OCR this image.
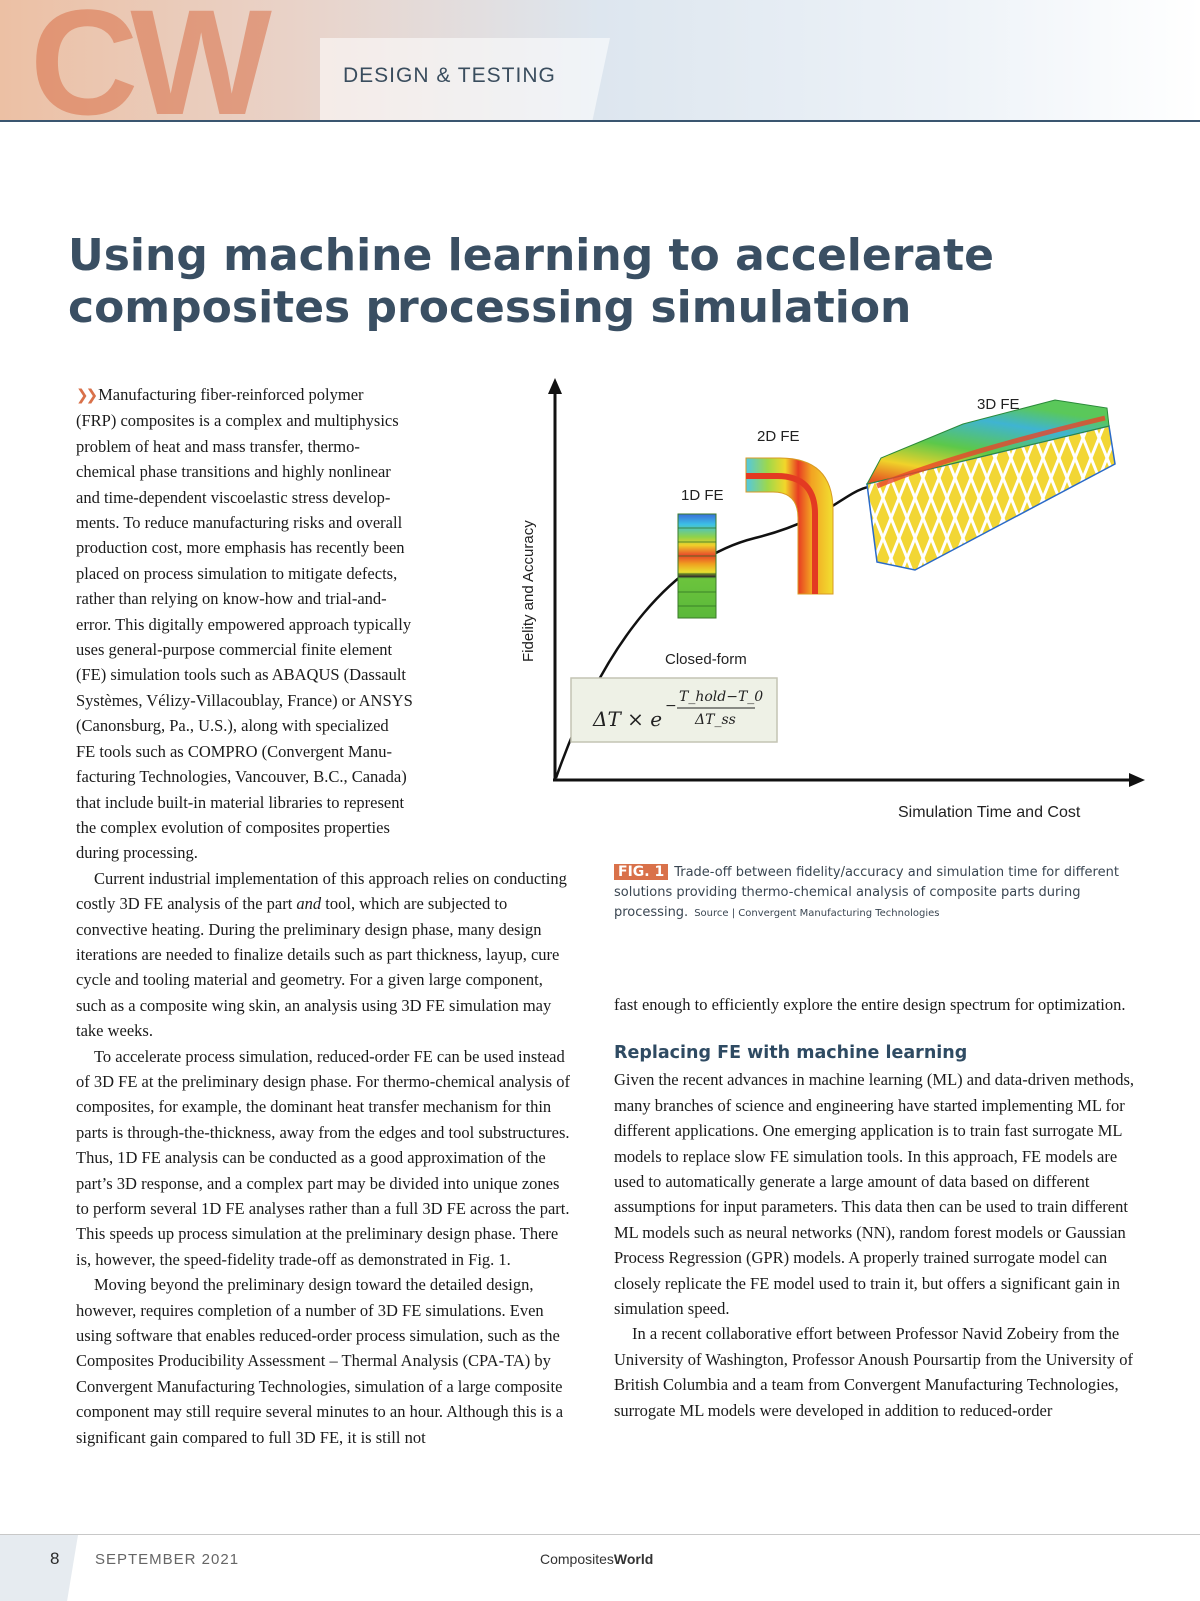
CW	DESIGN & TESTING
Using machine learning to accelerate
composites processing simulation
❯❯ Manufacturing fiber-reinforced polymer
(FRP) composites is a complex and multiphysics
problem of heat and mass transfer, thermo-
chemical phase transitions and highly nonlinear
and time-dependent viscoelastic stress develop-
ments. To reduce manufacturing risks and overall
production cost, more emphasis has recently been
placed on process simulation to mitigate defects,
rather than relying on know-how and trial-and-
error. This digitally empowered approach typically
uses general-purpose commercial finite element
(FE) simulation tools such as ABAQUS (Dassault
Systèmes, Vélizy-Villacoublay, France) or ANSYS
(Canonsburg, Pa., U.S.), along with specialized
FE tools such as COMPRO (Convergent Manu-
facturing Technologies, Vancouver, B.C., Canada)
that include built-in material libraries to represent
the complex evolution of composites properties
during processing.

Current industrial implementation of this approach relies on conducting costly 3D FE analysis of the part and tool, which are subjected to convective heating. During the preliminary design phase, many design iterations are needed to finalize details such as part thickness, layup, cure cycle and tooling material and geometry. For a given large component, such as a composite wing skin, an analysis using 3D FE simulation may take weeks.

To accelerate process simulation, reduced-order FE can be used instead of 3D FE at the preliminary design phase. For thermo-chemical analysis of composites, for example, the dominant heat transfer mechanism for thin parts is through-the-thickness, away from the edges and tool substructures. Thus, 1D FE analysis can be conducted as a good approximation of the part’s 3D response, and a complex part may be divided into unique zones to perform several 1D FE analyses rather than a full 3D FE across the part. This speeds up process simulation at the preliminary design phase. There is, however, the speed-fidelity trade-off as demonstrated in Fig. 1.

Moving beyond the preliminary design toward the detailed design, however, requires completion of a number of 3D FE simulations. Even using software that enables reduced-order process simulation, such as the Composites Producibility Assessment – Thermal Analysis (CPA-TA) by Convergent Manufacturing Technologies, simulation of a large composite component may still require several minutes to an hour. Although this is a significant gain compared to full 3D FE, it is still not

1D FE
2D FE
3D FE
Closed-form
ΔT × e
−
T_hold−T_0
ΔT_ss
Fidelity and Accuracy
Simulation Time and Cost
FIG. 1 Trade-off between fidelity/accuracy and simulation time for different solutions providing thermo-chemical analysis of composite parts during processing. Source | Convergent Manufacturing Technologies

fast enough to efficiently explore the entire design spectrum for optimization.

Replacing FE with machine learning

Given the recent advances in machine learning (ML) and data-driven methods, many branches of science and engineering have started implementing ML for different applications. One emerging application is to train fast surrogate ML models to replace slow FE simulation tools. In this approach, FE models are used to automatically generate a large amount of data based on different assumptions for input parameters. This data then can be used to train different ML models such as neural networks (NN), random forest models or Gaussian Process Regression (GPR) models. A properly trained surrogate model can closely replicate the FE model used to train it, but offers a significant gain in simulation speed.

In a recent collaborative effort between Professor Navid Zobeiry from the University of Washington, Professor Anoush Poursartip from the University of British Columbia and a team from Convergent Manufacturing Technologies, surrogate ML models were developed in addition to reduced-order

8 SEPTEMBER 2021	CompositesWorld
